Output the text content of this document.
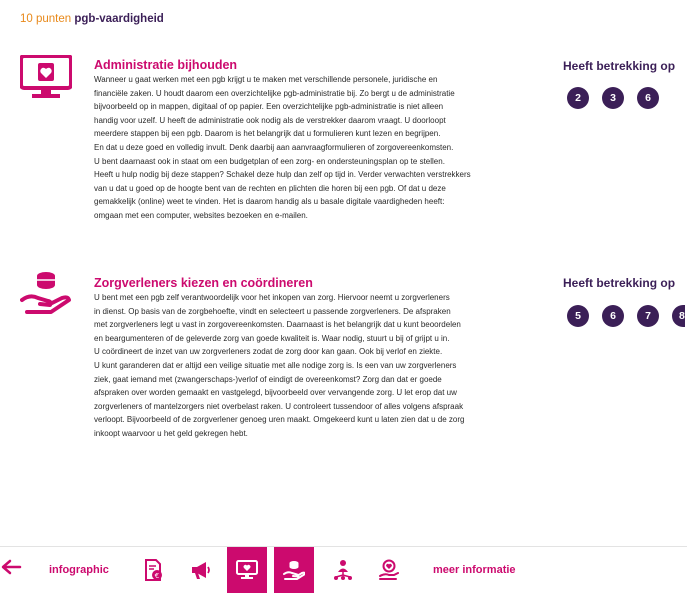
10 punten pgb-vaardigheid
Administratie bijhouden
Wanneer u gaat werken met een pgb krijgt u te maken met verschillende personele, juridische en
financiële zaken. U houdt daarom een overzichtelijke pgb-administratie bij. Zo bergt u de administratie
bijvoorbeeld op in mappen, digitaal of op papier. Een overzichtelijke pgb-administratie is niet alleen
handig voor uzelf. U heeft de administratie ook nodig als de verstrekker daarom vraagt. U doorloopt
meerdere stappen bij een pgb. Daarom is het belangrijk dat u formulieren kunt lezen en begrijpen.
En dat u deze goed en volledig invult. Denk daarbij aan aanvraagformulieren of zorgovereenkomsten.
U bent daarnaast ook in staat om een budgetplan of een zorg- en ondersteuningsplan op te stellen.
Heeft u hulp nodig bij deze stappen? Schakel deze hulp dan zelf op tijd in. Verder verwachten verstrekkers
van u dat u goed op de hoogte bent van de rechten en plichten die horen bij een pgb. Of dat u deze
gemakkelijk (online) weet te vinden. Het is daarom handig als u basale digitale vaardigheden heeft:
omgaan met een computer, websites bezoeken en e-mailen.
Heeft betrekking op
2	3	6
Zorgverleners kiezen en coördineren
U bent met een pgb zelf verantwoordelijk voor het inkopen van zorg. Hiervoor neemt u zorgverleners
in dienst. Op basis van de zorgbehoefte, vindt en selecteert u passende zorgverleners. De afspraken
met zorgverleners legt u vast in zorgovereenkomsten. Daarnaast is het belangrijk dat u kunt beoordelen
en beargumenteren of de geleverde zorg van goede kwaliteit is. Waar nodig, stuurt u bij of grijpt u in.
U coördineert de inzet van uw zorgverleners zodat de zorg door kan gaan. Ook bij verlof en ziekte.
U kunt garanderen dat er altijd een veilige situatie met alle nodige zorg is. Is een van uw zorgverleners
ziek, gaat iemand met (zwangerschaps-)verlof of eindigt de overeenkomst? Zorg dan dat er goede
afspraken over worden gemaakt en vastgelegd, bijvoorbeeld over vervangende zorg. U let erop dat uw
zorgverleners of mantelzorgers niet overbelast raken. U controleert tussendoor of alles volgens afspraak
verloopt. Bijvoorbeeld of de zorgverlener genoeg uren maakt. Omgekeerd kunt u laten zien dat u de zorg
inkoopt waarvoor u het geld gekregen hebt.
Heeft betrekking op
5	6	7	8
infographic	€	meer informatie
